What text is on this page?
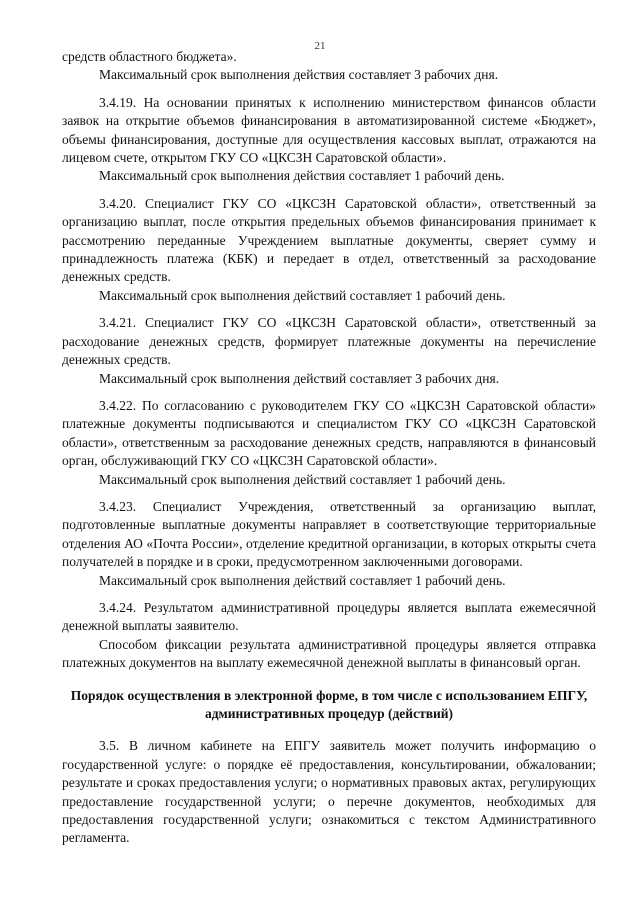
21

средств областного бюджета».

Максимальный срок выполнения действия составляет 3 рабочих дня.

3.4.19. На основании принятых к исполнению министерством финансов области заявок на открытие объемов финансирования в автоматизированной системе «Бюджет», объемы финансирования, доступные для осуществления кассовых выплат, отражаются на лицевом счете, открытом ГКУ СО «ЦКСЗН Саратовской области».

Максимальный срок выполнения действия составляет 1 рабочий день.

3.4.20. Специалист ГКУ СО «ЦКСЗН Саратовской области», ответственный за организацию выплат, после открытия предельных объемов финансирования принимает к рассмотрению переданные Учреждением выплатные документы, сверяет сумму и принадлежность платежа (КБК) и передает в отдел, ответственный за расходование денежных средств.

Максимальный срок выполнения действий составляет 1 рабочий день.

3.4.21. Специалист ГКУ СО «ЦКСЗН Саратовской области», ответственный за расходование денежных средств, формирует платежные документы на перечисление денежных средств.

Максимальный срок выполнения действий составляет 3 рабочих дня.

3.4.22. По согласованию с руководителем ГКУ СО «ЦКСЗН Саратовской области» платежные документы подписываются и специалистом ГКУ СО «ЦКСЗН Саратовской области», ответственным за расходование денежных средств, направляются в финансовый орган, обслуживающий ГКУ СО «ЦКСЗН Саратовской области».

Максимальный срок выполнения действий составляет 1 рабочий день.

3.4.23. Специалист Учреждения, ответственный за организацию выплат, подготовленные выплатные документы направляет в соответствующие территориальные отделения АО «Почта России», отделение кредитной организации, в которых открыты счета получателей в порядке и в сроки, предусмотренном заключенными договорами.

Максимальный срок выполнения действий составляет 1 рабочий день.

3.4.24. Результатом административной процедуры является выплата ежемесячной денежной выплаты заявителю.

Способом фиксации результата административной процедуры является отправка платежных документов на выплату ежемесячной денежной выплаты в финансовый орган.

Порядок осуществления в электронной форме, в том числе с использованием ЕПГУ, административных процедур (действий)

3.5. В личном кабинете на ЕПГУ заявитель может получить информацию о государственной услуге: о порядке её предоставления, консультировании, обжаловании; результате и сроках предоставления услуги; о нормативных правовых актах, регулирующих предоставление государственной услуги; о перечне документов, необходимых для предоставления государственной услуги; ознакомиться с текстом Административного регламента.
